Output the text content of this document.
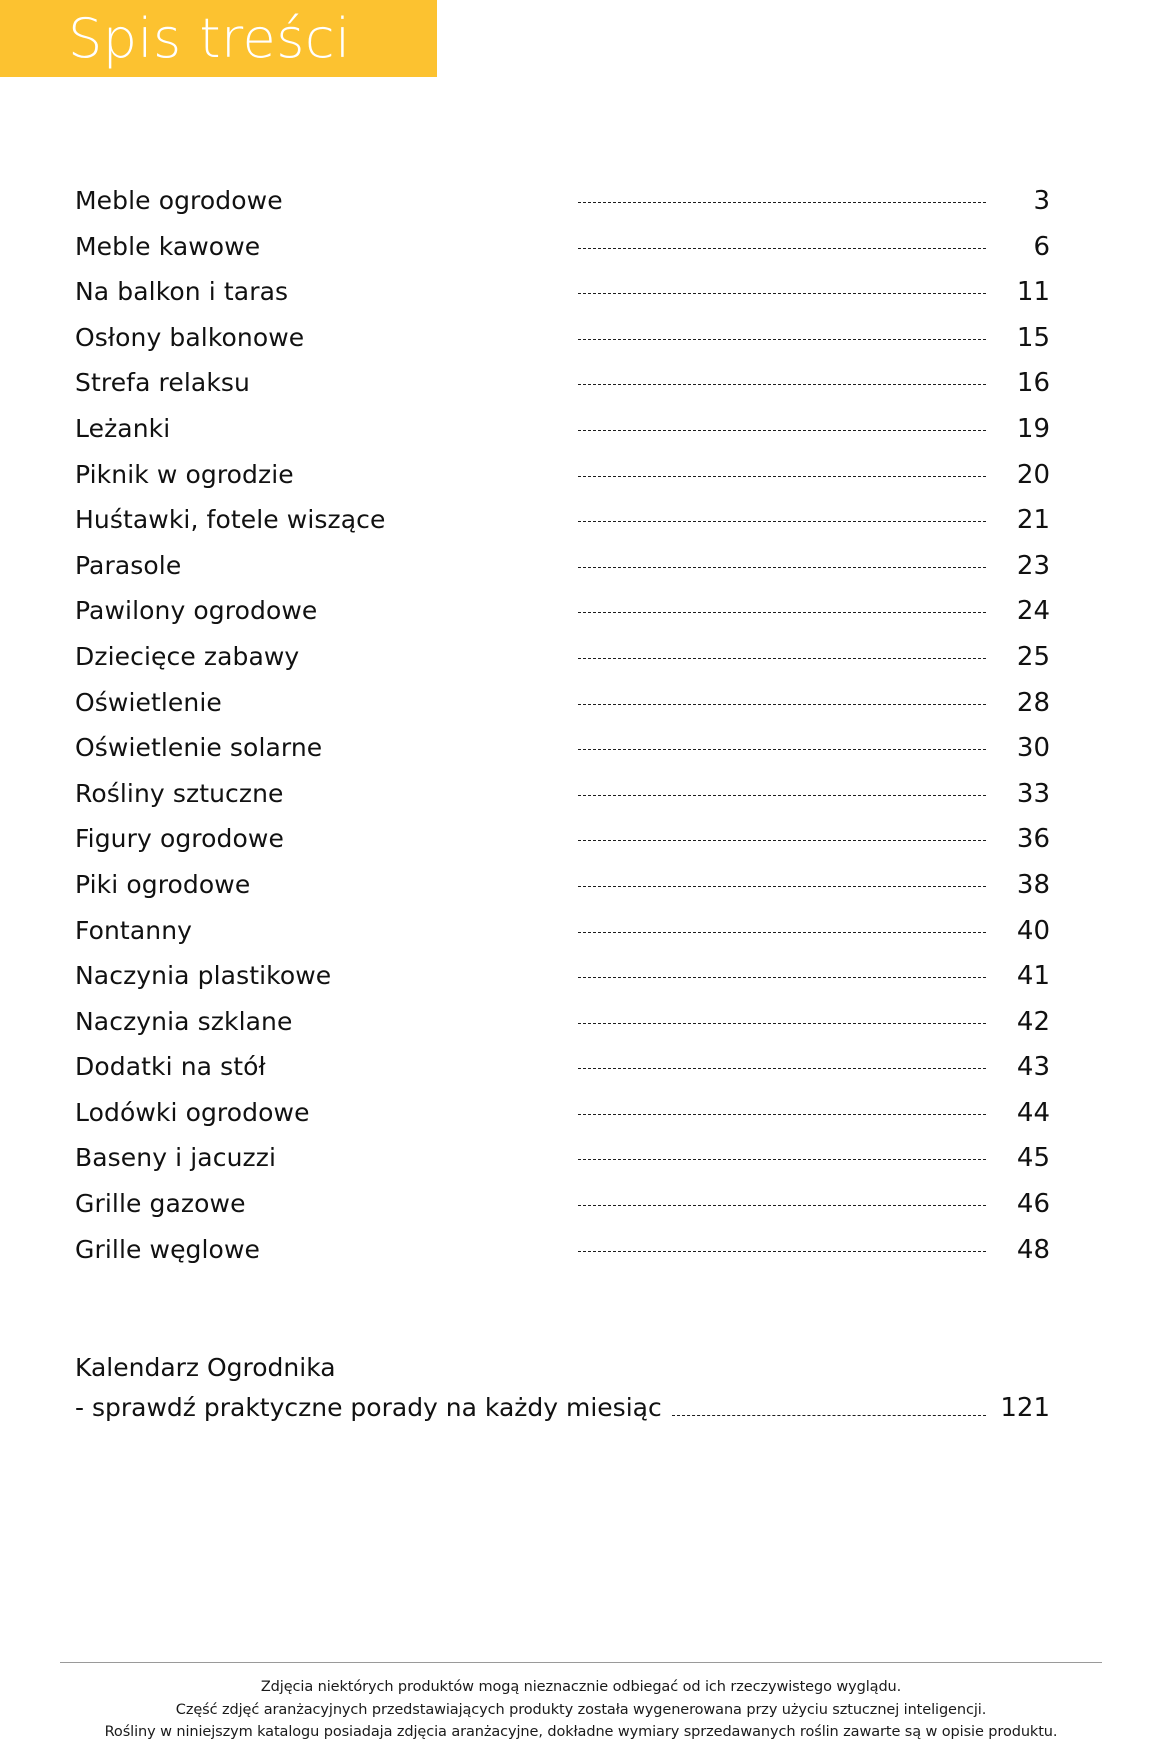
Spis treści
Meble ogrodowe	3
Meble kawowe	6
Na balkon i taras	11
Osłony balkonowe	15
Strefa relaksu	16
Leżanki	19
Piknik w ogrodzie	20
Huśtawki, fotele wiszące	21
Parasole	23
Pawilony ogrodowe	24
Dziecięce zabawy	25
Oświetlenie	28
Oświetlenie solarne	30
Rośliny sztuczne	33
Figury ogrodowe	36
Piki ogrodowe	38
Fontanny	40
Naczynia plastikowe	41
Naczynia szklane	42
Dodatki na stół	43
Lodówki ogrodowe	44
Baseny i jacuzzi	45
Grille gazowe	46
Grille węglowe	48
Kalendarz Ogrodnika
- sprawdź praktyczne porady na każdy miesiąc	121
Zdjęcia niektórych produktów mogą nieznacznie odbiegać od ich rzeczywistego wyglądu.
Część zdjęć aranżacyjnych przedstawiających produkty została wygenerowana przy użyciu sztucznej inteligencji.
Rośliny w niniejszym katalogu posiadaja zdjęcia aranżacyjne, dokładne wymiary sprzedawanych roślin zawarte są w opisie produktu.
